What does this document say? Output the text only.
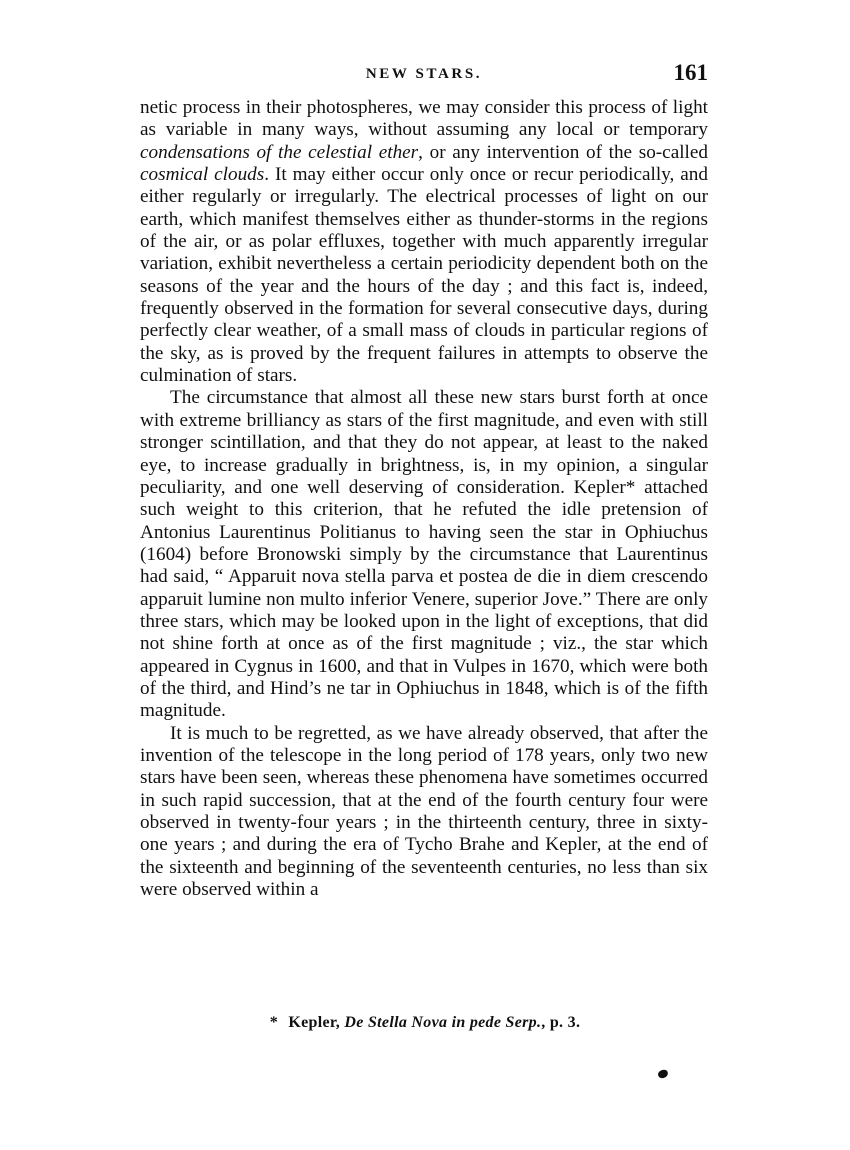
NEW STARS.	161

netic process in their photospheres, we may consider this process of light as variable in many ways, without assuming any local or temporary condensations of the celestial ether, or any intervention of the so-called cosmical clouds. It may either occur only once or recur periodically, and either regularly or irregularly. The electrical processes of light on our earth, which manifest themselves either as thunder-storms in the regions of the air, or as polar effluxes, together with much apparently irregular variation, exhibit nevertheless a certain periodicity dependent both on the seasons of the year and the hours of the day ; and this fact is, indeed, frequently observed in the formation for several consecutive days, during perfectly clear weather, of a small mass of clouds in particular regions of the sky, as is proved by the frequent failures in attempts to observe the culmination of stars.

The circumstance that almost all these new stars burst forth at once with extreme brilliancy as stars of the first magnitude, and even with still stronger scintillation, and that they do not appear, at least to the naked eye, to increase gradually in brightness, is, in my opinion, a singular peculiarity, and one well deserving of consideration. Kepler* attached such weight to this criterion, that he refuted the idle pretension of Antonius Laurentinus Politianus to having seen the star in Ophiuchus (1604) before Bronowski simply by the circumstance that Laurentinus had said, “ Apparuit nova stella parva et postea de die in diem crescendo apparuit lumine non multo inferior Venere, superior Jove.” There are only three stars, which may be looked upon in the light of exceptions, that did not shine forth at once as of the first magnitude ; viz., the star which appeared in Cygnus in 1600, and that in Vulpes in 1670, which were both of the third, and Hind’s ne tar in Ophiuchus in 1848, which is of the fifth magnitude.

It is much to be regretted, as we have already observed, that after the invention of the telescope in the long period of 178 years, only two new stars have been seen, whereas these phenomena have sometimes occurred in such rapid succession, that at the end of the fourth century four were observed in twenty-four years ; in the thirteenth century, three in sixty-one years ; and during the era of Tycho Brahe and Kepler, at the end of the sixteenth and beginning of the seventeenth centuries, no less than six were observed within a

* Kepler, De Stella Nova in pede Serp., p. 3.
